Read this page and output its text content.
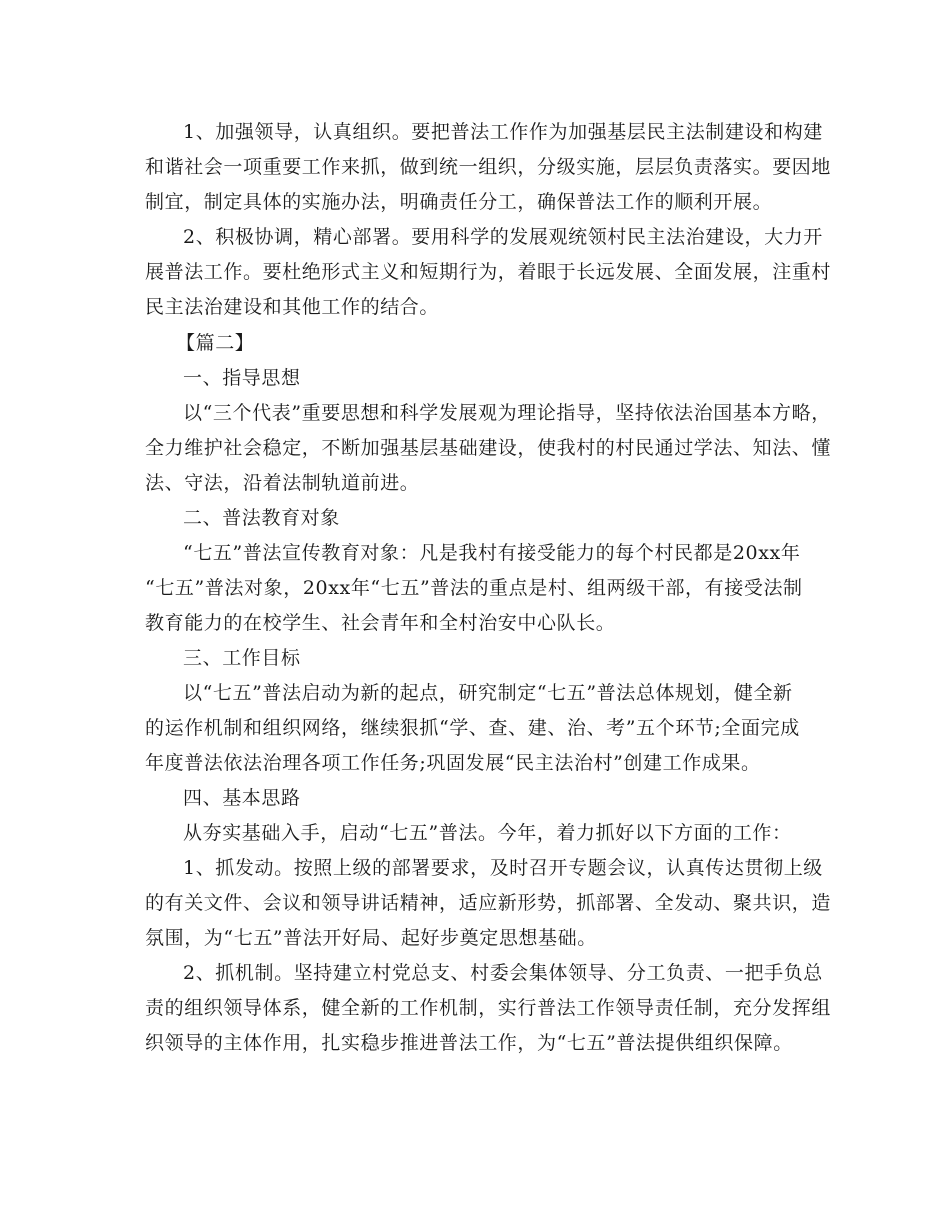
1、加强领导，认真组织。要把普法工作作为加强基层民主法制建设和构建
和谐社会一项重要工作来抓，做到统一组织，分级实施，层层负责落实。要因地
制宜，制定具体的实施办法，明确责任分工，确保普法工作的顺利开展。
2、积极协调，精心部署。要用科学的发展观统领村民主法治建设，大力开
展普法工作。要杜绝形式主义和短期行为，着眼于长远发展、全面发展，注重村
民主法治建设和其他工作的结合。
【篇二】
一、指导思想
以“三个代表”重要思想和科学发展观为理论指导，坚持依法治国基本方略，
全力维护社会稳定，不断加强基层基础建设，使我村的村民通过学法、知法、懂
法、守法，沿着法制轨道前进。
二、普法教育对象
“七五”普法宣传教育对象：凡是我村有接受能力的每个村民都是20xx年
“七五”普法对象，20xx年“七五”普法的重点是村、组两级干部，有接受法制
教育能力的在校学生、社会青年和全村治安中心队长。
三、工作目标
以“七五”普法启动为新的起点，研究制定“七五”普法总体规划，健全新
的运作机制和组织网络，继续狠抓“学、查、建、治、考”五个环节;全面完成
年度普法依法治理各项工作任务;巩固发展“民主法治村”创建工作成果。
四、基本思路
从夯实基础入手，启动“七五”普法。今年，着力抓好以下方面的工作：
1、抓发动。按照上级的部署要求，及时召开专题会议，认真传达贯彻上级
的有关文件、会议和领导讲话精神，适应新形势，抓部署、全发动、聚共识，造
氛围，为“七五”普法开好局、起好步奠定思想基础。
2、抓机制。坚持建立村党总支、村委会集体领导、分工负责、一把手负总
责的组织领导体系，健全新的工作机制，实行普法工作领导责任制，充分发挥组
织领导的主体作用，扎实稳步推进普法工作，为“七五”普法提供组织保障。
